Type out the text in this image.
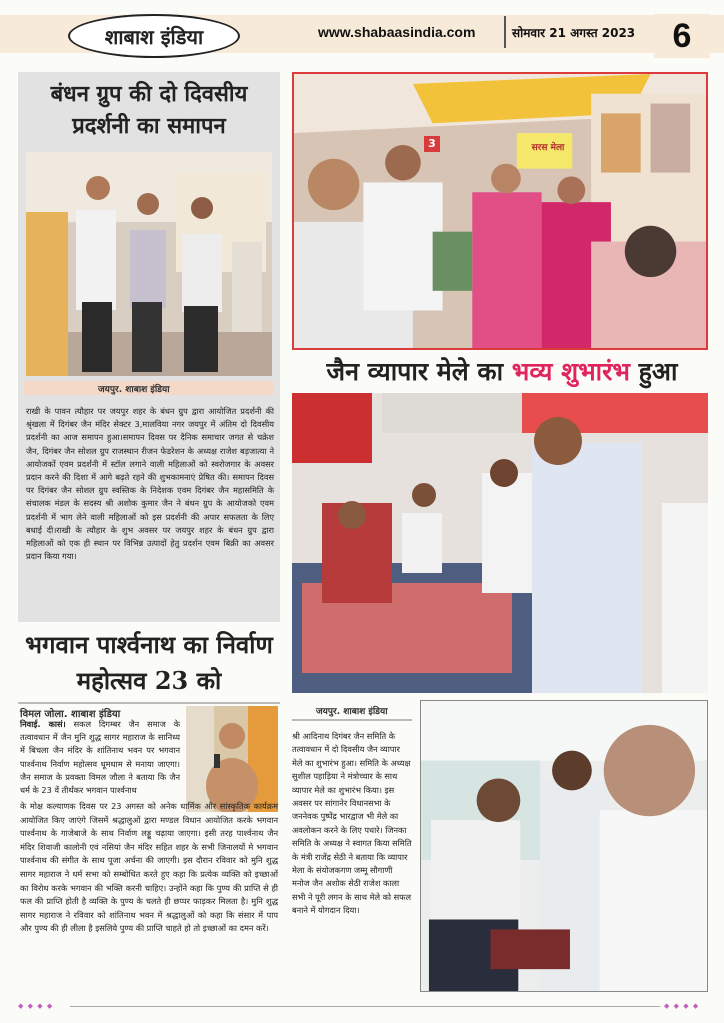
शाबाश इंडिया	www.shabaasindia.com	सोमवार 21 अगस्त 2023	6
बंधन ग्रुप की दो दिवसीय प्रदर्शनी का समापन
जयपुर. शाबाश इंडिया
राखी के पावन त्यौहार पर जयपुर शहर के बंधन ग्रुप द्वारा आयोजित प्रदर्शनी की श्रृंखला में दिगंबर जैन मंदिर सेक्टर 3,मालविया नगर जयपुर में अंतिम दो दिवसीय प्रदर्शनी का आज समापन हुआ।समापन दिवस पर दैनिक समाचार जगत से चक्रेश जैन, दिगंबर जैन सोशल ग्रुप राजस्थान रीजन फेडरेशन के अध्यक्ष राजेश बड़जात्या ने आयोजकों एवम प्रदर्शनी में स्टॉल लगाने वाली महिलाओं को स्वरोजगार के अवसर प्रदान करने की दिशा में आगे बढ़ते रहने की शुभकामनाएं प्रेषित की। समापन दिवस पर दिगंबर जैन सोशल ग्रुप स्वस्तिक के निदेशक एवम दिगंबर जैन महासमिति के संचालक मंडल के सदस्य श्री अशोक कुमार जैन ने बंधन ग्रुप के आयोजको एवम प्रदर्शनी में भाग लेने वाली महिलाओं को इस प्रदर्शनी की अपार सफलता के लिए बधाई दी।राखी के त्यौहार के शुभ अवसर पर जयपुर शहर के बंधन ग्रुप द्वारा महिलाओं को एक ही स्थान पर विभिन्न उत्पादों हेतु प्रदर्शन एवम बिक्री का अवसर प्रदान किया गया।
भगवान पार्श्वनाथ का निर्वाण महोत्सव 23 को
विमल जोला. शाबाश इंडिया
निवाई. कासं। सकल दिगम्बर जैन समाज के तत्वावधान में जैन मुनि शुद्ध सागर महाराज के सानिध्य में बिचला जैन मंदिर के शांतिनाथ भवन पर भगवान पार्श्वनाथ निर्वाण महोत्सव धूमधाम से मनाया जाएगा। जैन समाज के प्रवक्ता विमल जौला ने बताया कि जैन धर्म के 23 वें तीर्थंकर भगवान पार्श्वनाथ
के मोक्ष कल्याणक दिवस पर 23 अगस्त को अनेक धार्मिक और सांस्कृतिक कार्यक्रम आयोजित किए जाएंगे जिसमें श्रद्धालुओं द्वारा मण्डल विधान आयोजित करके भगवान पार्श्वनाथ के गाजेबाजे के साथ निर्वाण लड्डू चढ़ाया जाएगा। इसी तरह पार्श्वनाथ जैन मंदिर शिवाजी कालोनी एवं नसियां जैन मंदिर सहित शहर के सभी जिनालयों मे भगवान पार्श्वनाथ की संगीत के साथ पूजा अर्चना की जाएगी। इस दौरान रविवार को मुनि शुद्ध सागर महाराज ने धर्म सभा को सम्बोधित करते हुए कहा कि प्रत्येक व्यक्ति को इच्छाओं का विरोध करके भगवान की भक्ति करनी चाहिए। उन्होंने कहा कि पुण्य की प्राप्ति से ही फल की प्राप्ति होती है व्यक्ति के पुण्य के चलते ही छप्पर फाड़कर मिलता है। मुनि शुद्ध सागर महाराज ने रविवार को शांतिनाथ भवन में श्रद्धालुओं को कहा कि संसार में पाप और पुण्य की ही लीला है इसलिये पुण्य की प्राप्ति चाहते हो तो इच्छाओं का दमन करें।
सरस मेला
3
जैन व्यापार मेले का भव्य शुभारंभ हुआ
जयपुर. शाबाश इंडिया
श्री आदिनाथ दिगंबर जैन समिति के तत्वावधान में दो दिवसीय जैन व्यापार मेले का शुभारंभ हुआ। समिति के अध्यक्ष सुशील पहाड़िया ने मंत्रोच्चार के साथ व्यापार मेले का शुभारंभ किया। इस अवसर पर सांगानेर विधानसभा के जननेवक पुष्पेंद्र भारद्वाज भी मेले का अवलोकन करने के लिए पधारे। जिनका समिति के अध्यक्ष ने स्वागत किया समिति के मंत्री राजेंद्र सेठी ने बताया कि व्यापार मेला के संयोजकगण जम्मू सौगाणी मनोज जैन अशोक सेठी राजेश काला सभी ने पूरी लगन के साथ मेले को सफल बनाने में योगदान दिया।
◆ ◆ ◆ ◆	◆ ◆ ◆ ◆
